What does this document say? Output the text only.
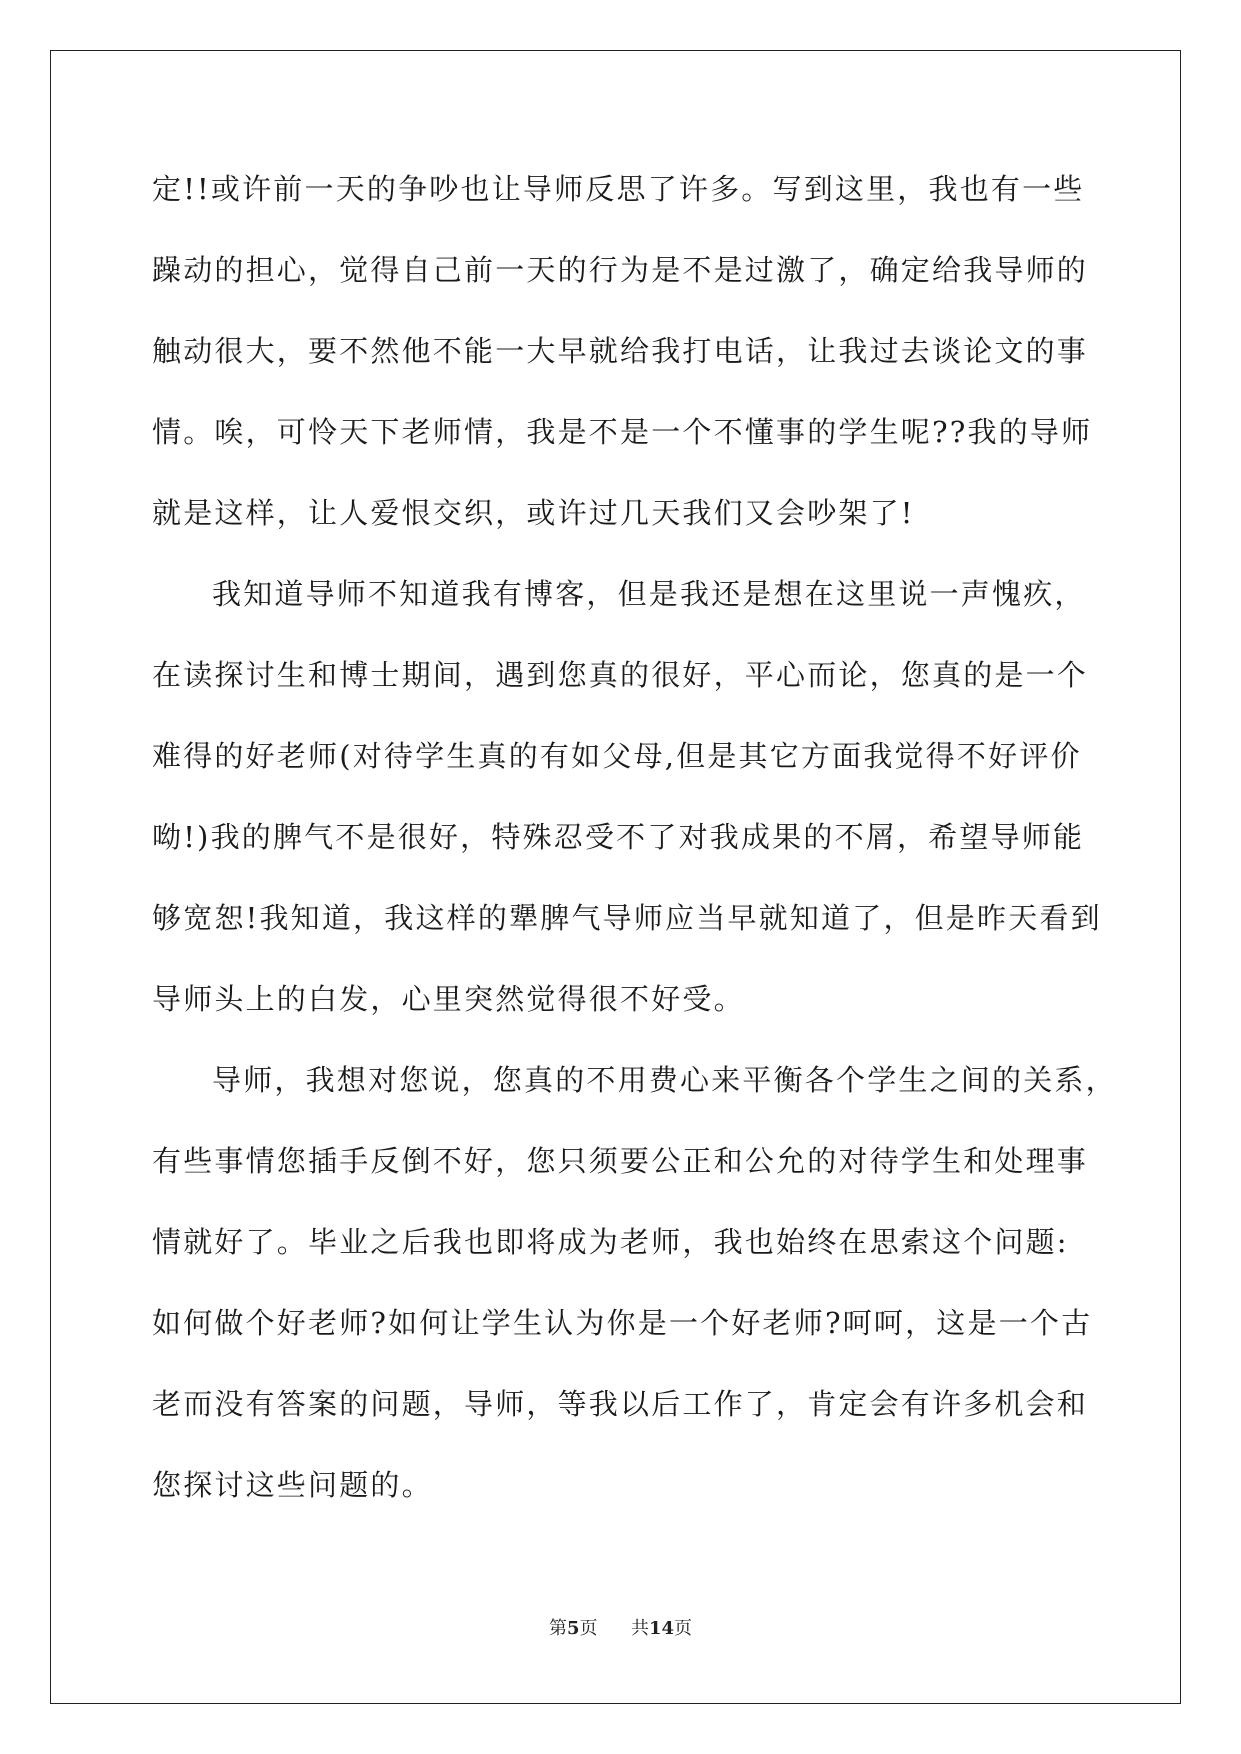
定!!或许前一天的争吵也让导师反思了许多。写到这里，我也有一些
躁动的担心，觉得自己前一天的行为是不是过激了，确定给我导师的
触动很大，要不然他不能一大早就给我打电话，让我过去谈论文的事
情。唉，可怜天下老师情，我是不是一个不懂事的学生呢??我的导师
就是这样，让人爱恨交织，或许过几天我们又会吵架了!
我知道导师不知道我有博客，但是我还是想在这里说一声愧疚，
在读探讨生和博士期间，遇到您真的很好，平心而论，您真的是一个
难得的好老师(对待学生真的有如父母,但是其它方面我觉得不好评价
呦!)我的脾气不是很好，特殊忍受不了对我成果的不屑，希望导师能
够宽恕!我知道，我这样的犟脾气导师应当早就知道了，但是昨天看到
导师头上的白发，心里突然觉得很不好受。
导师，我想对您说，您真的不用费心来平衡各个学生之间的关系，
有些事情您插手反倒不好，您只须要公正和公允的对待学生和处理事
情就好了。毕业之后我也即将成为老师，我也始终在思索这个问题:
如何做个好老师?如何让学生认为你是一个好老师?呵呵，这是一个古
老而没有答案的问题，导师，等我以后工作了，肯定会有许多机会和
您探讨这些问题的。
第5页 共14页
